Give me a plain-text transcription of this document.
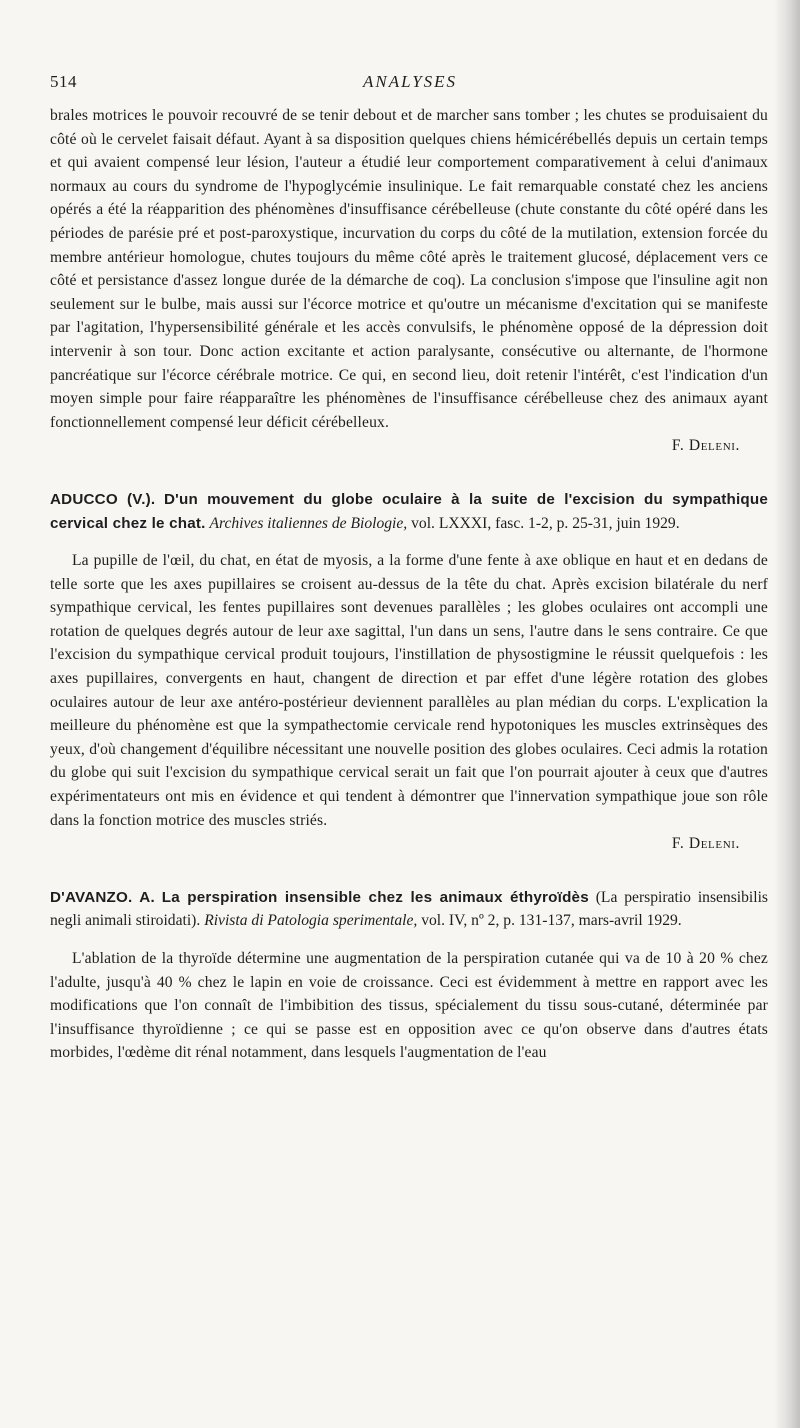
514	ANALYSES

brales motrices le pouvoir recouvré de se tenir debout et de marcher sans tomber ; les chutes se produisaient du côté où le cervelet faisait défaut. Ayant à sa disposition quelques chiens hémicérébellés depuis un certain temps et qui avaient compensé leur lésion, l'auteur a étudié leur comportement comparativement à celui d'animaux normaux au cours du syndrome de l'hypoglycémie insulinique. Le fait remarquable constaté chez les anciens opérés a été la réapparition des phénomènes d'insuffisance cérébelleuse (chute constante du côté opéré dans les périodes de parésie pré et post-paroxystique, incurvation du corps du côté de la mutilation, extension forcée du membre antérieur homologue, chutes toujours du même côté après le traitement glucosé, déplacement vers ce côté et persistance d'assez longue durée de la démarche de coq). La conclusion s'impose que l'insuline agit non seulement sur le bulbe, mais aussi sur l'écorce motrice et qu'outre un mécanisme d'excitation qui se manifeste par l'agitation, l'hypersensibilité générale et les accès convulsifs, le phénomène opposé de la dépression doit intervenir à son tour. Donc action excitante et action paralysante, consécutive ou alternante, de l'hormone pancréatique sur l'écorce cérébrale motrice. Ce qui, en second lieu, doit retenir l'intérêt, c'est l'indication d'un moyen simple pour faire réapparaître les phénomènes de l'insuffisance cérébelleuse chez des animaux ayant fonctionnellement compensé leur déficit cérébelleux.

F. Deleni.
ADUCCO (V.). D'un mouvement du globe oculaire à la suite de l'excision du sympathique cervical chez le chat. Archives italiennes de Biologie, vol. LXXXI, fasc. 1-2, p. 25-31, juin 1929.

La pupille de l'œil, du chat, en état de myosis, a la forme d'une fente à axe oblique en haut et en dedans de telle sorte que les axes pupillaires se croisent au-dessus de la tête du chat. Après excision bilatérale du nerf sympathique cervical, les fentes pupillaires sont devenues parallèles ; les globes oculaires ont accompli une rotation de quelques degrés autour de leur axe sagittal, l'un dans un sens, l'autre dans le sens contraire. Ce que l'excision du sympathique cervical produit toujours, l'instillation de physostigmine le réussit quelquefois : les axes pupillaires, convergents en haut, changent de direction et par effet d'une légère rotation des globes oculaires autour de leur axe antéro-postérieur deviennent parallèles au plan médian du corps. L'explication la meilleure du phénomène est que la sympathectomie cervicale rend hypotoniques les muscles extrinsèques des yeux, d'où changement d'équilibre nécessitant une nouvelle position des globes oculaires. Ceci admis la rotation du globe qui suit l'excision du sympathique cervical serait un fait que l'on pourrait ajouter à ceux que d'autres expérimentateurs ont mis en évidence et qui tendent à démontrer que l'innervation sympathique joue son rôle dans la fonction motrice des muscles striés.

F. Deleni.
D'AVANZO. A. La perspiration insensible chez les animaux éthyroïdès (La perspiratio insensibilis negli animali stiroidati). Rivista di Patologia sperimentale, vol. IV, nº 2, p. 131-137, mars-avril 1929.

L'ablation de la thyroïde détermine une augmentation de la perspiration cutanée qui va de 10 à 20 % chez l'adulte, jusqu'à 40 % chez le lapin en voie de croissance. Ceci est évidemment à mettre en rapport avec les modifications que l'on connaît de l'imbibition des tissus, spécialement du tissu sous-cutané, déterminée par l'insuffisance thyroïdienne ; ce qui se passe est en opposition avec ce qu'on observe dans d'autres états morbides, l'œdème dit rénal notamment, dans lesquels l'augmentation de l'eau
